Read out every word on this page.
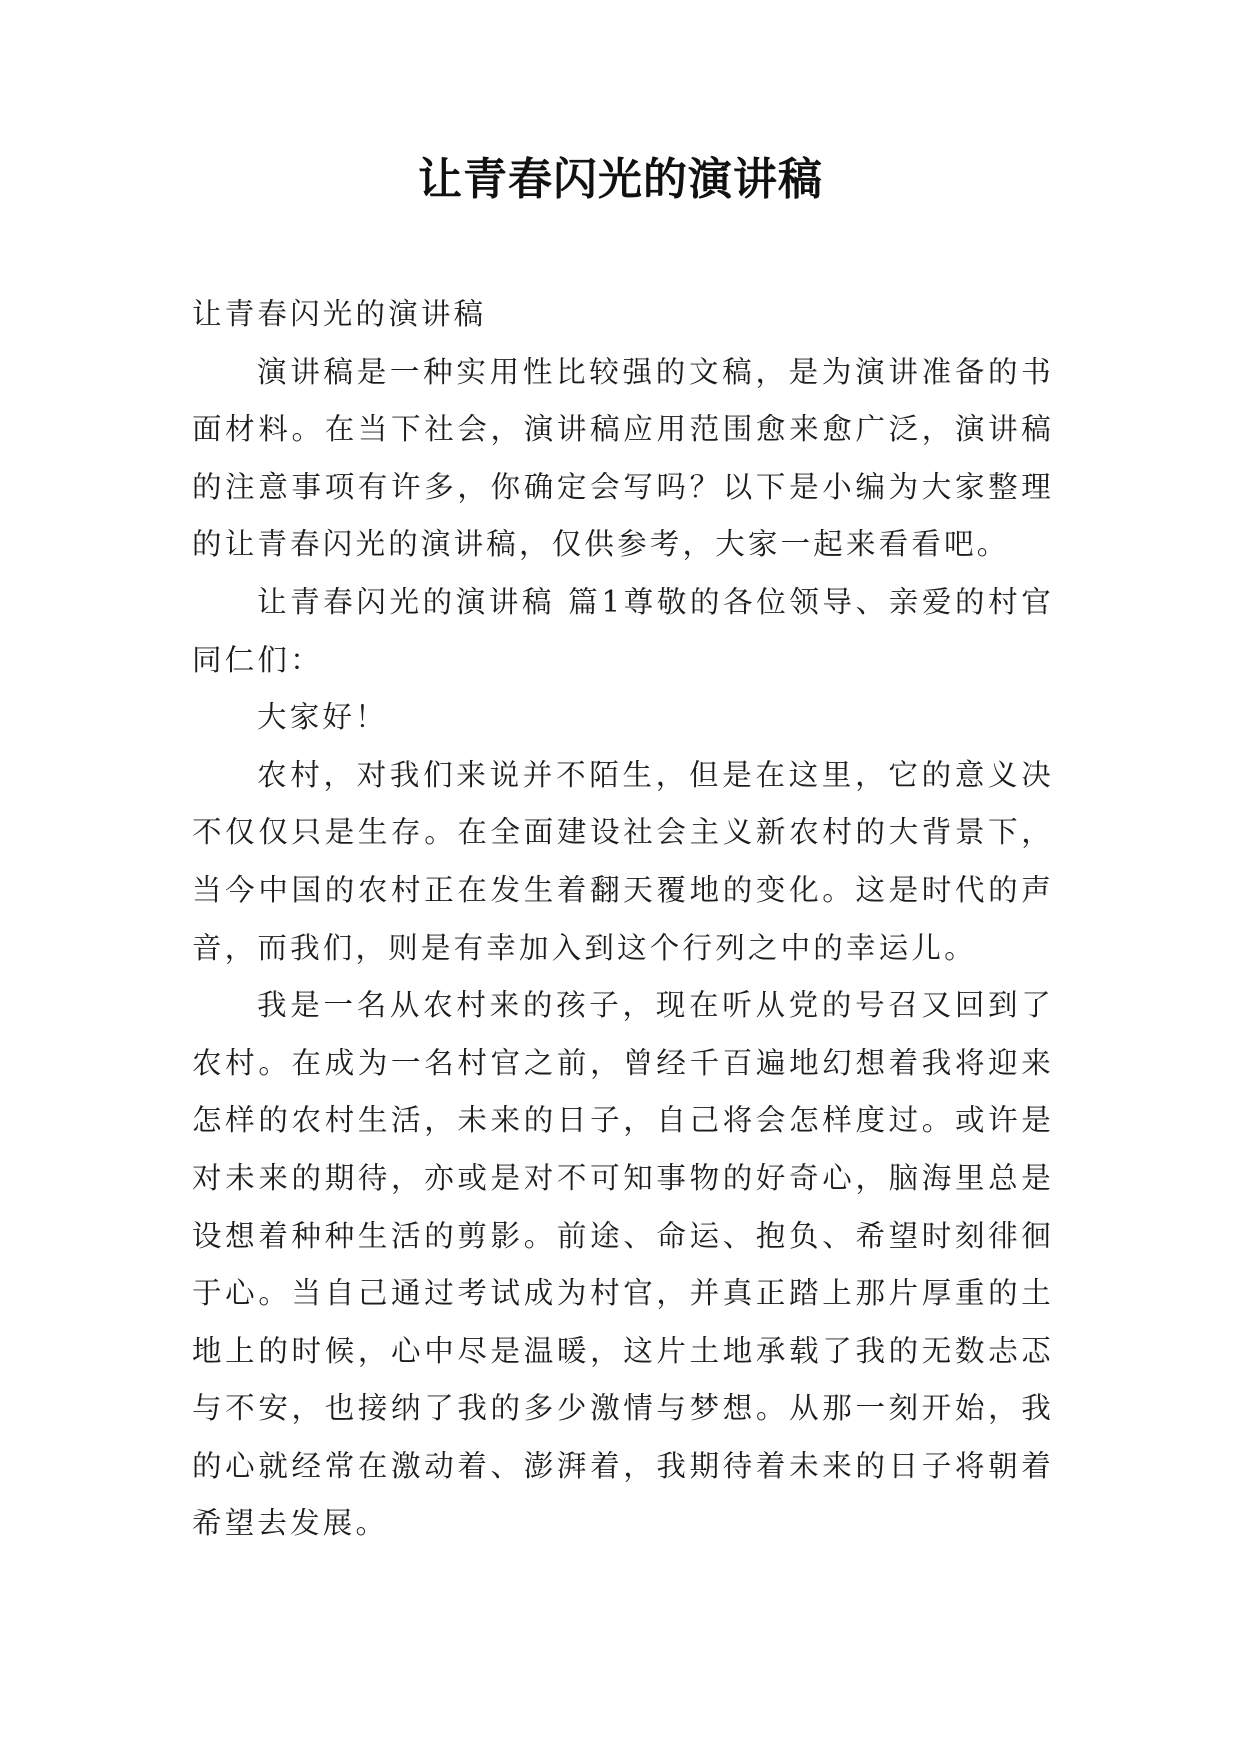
让青春闪光的演讲稿

让青春闪光的演讲稿

演讲稿是一种实用性比较强的文稿，是为演讲准备的书面材料。在当下社会，演讲稿应用范围愈来愈广泛，演讲稿的注意事项有许多，你确定会写吗？以下是小编为大家整理的让青春闪光的演讲稿，仅供参考，大家一起来看看吧。

让青春闪光的演讲稿 篇1尊敬的各位领导、亲爱的村官同仁们：

大家好！

农村，对我们来说并不陌生，但是在这里，它的意义决不仅仅只是生存。在全面建设社会主义新农村的大背景下，当今中国的农村正在发生着翻天覆地的变化。这是时代的声音，而我们，则是有幸加入到这个行列之中的幸运儿。

我是一名从农村来的孩子，现在听从党的号召又回到了农村。在成为一名村官之前，曾经千百遍地幻想着我将迎来怎样的农村生活，未来的日子，自己将会怎样度过。或许是对未来的期待，亦或是对不可知事物的好奇心，脑海里总是设想着种种生活的剪影。前途、命运、抱负、希望时刻徘徊于心。当自己通过考试成为村官，并真正踏上那片厚重的土地上的时候，心中尽是温暖，这片土地承载了我的无数忐忑与不安，也接纳了我的多少激情与梦想。从那一刻开始，我的心就经常在激动着、澎湃着，我期待着未来的日子将朝着希望去发展。
